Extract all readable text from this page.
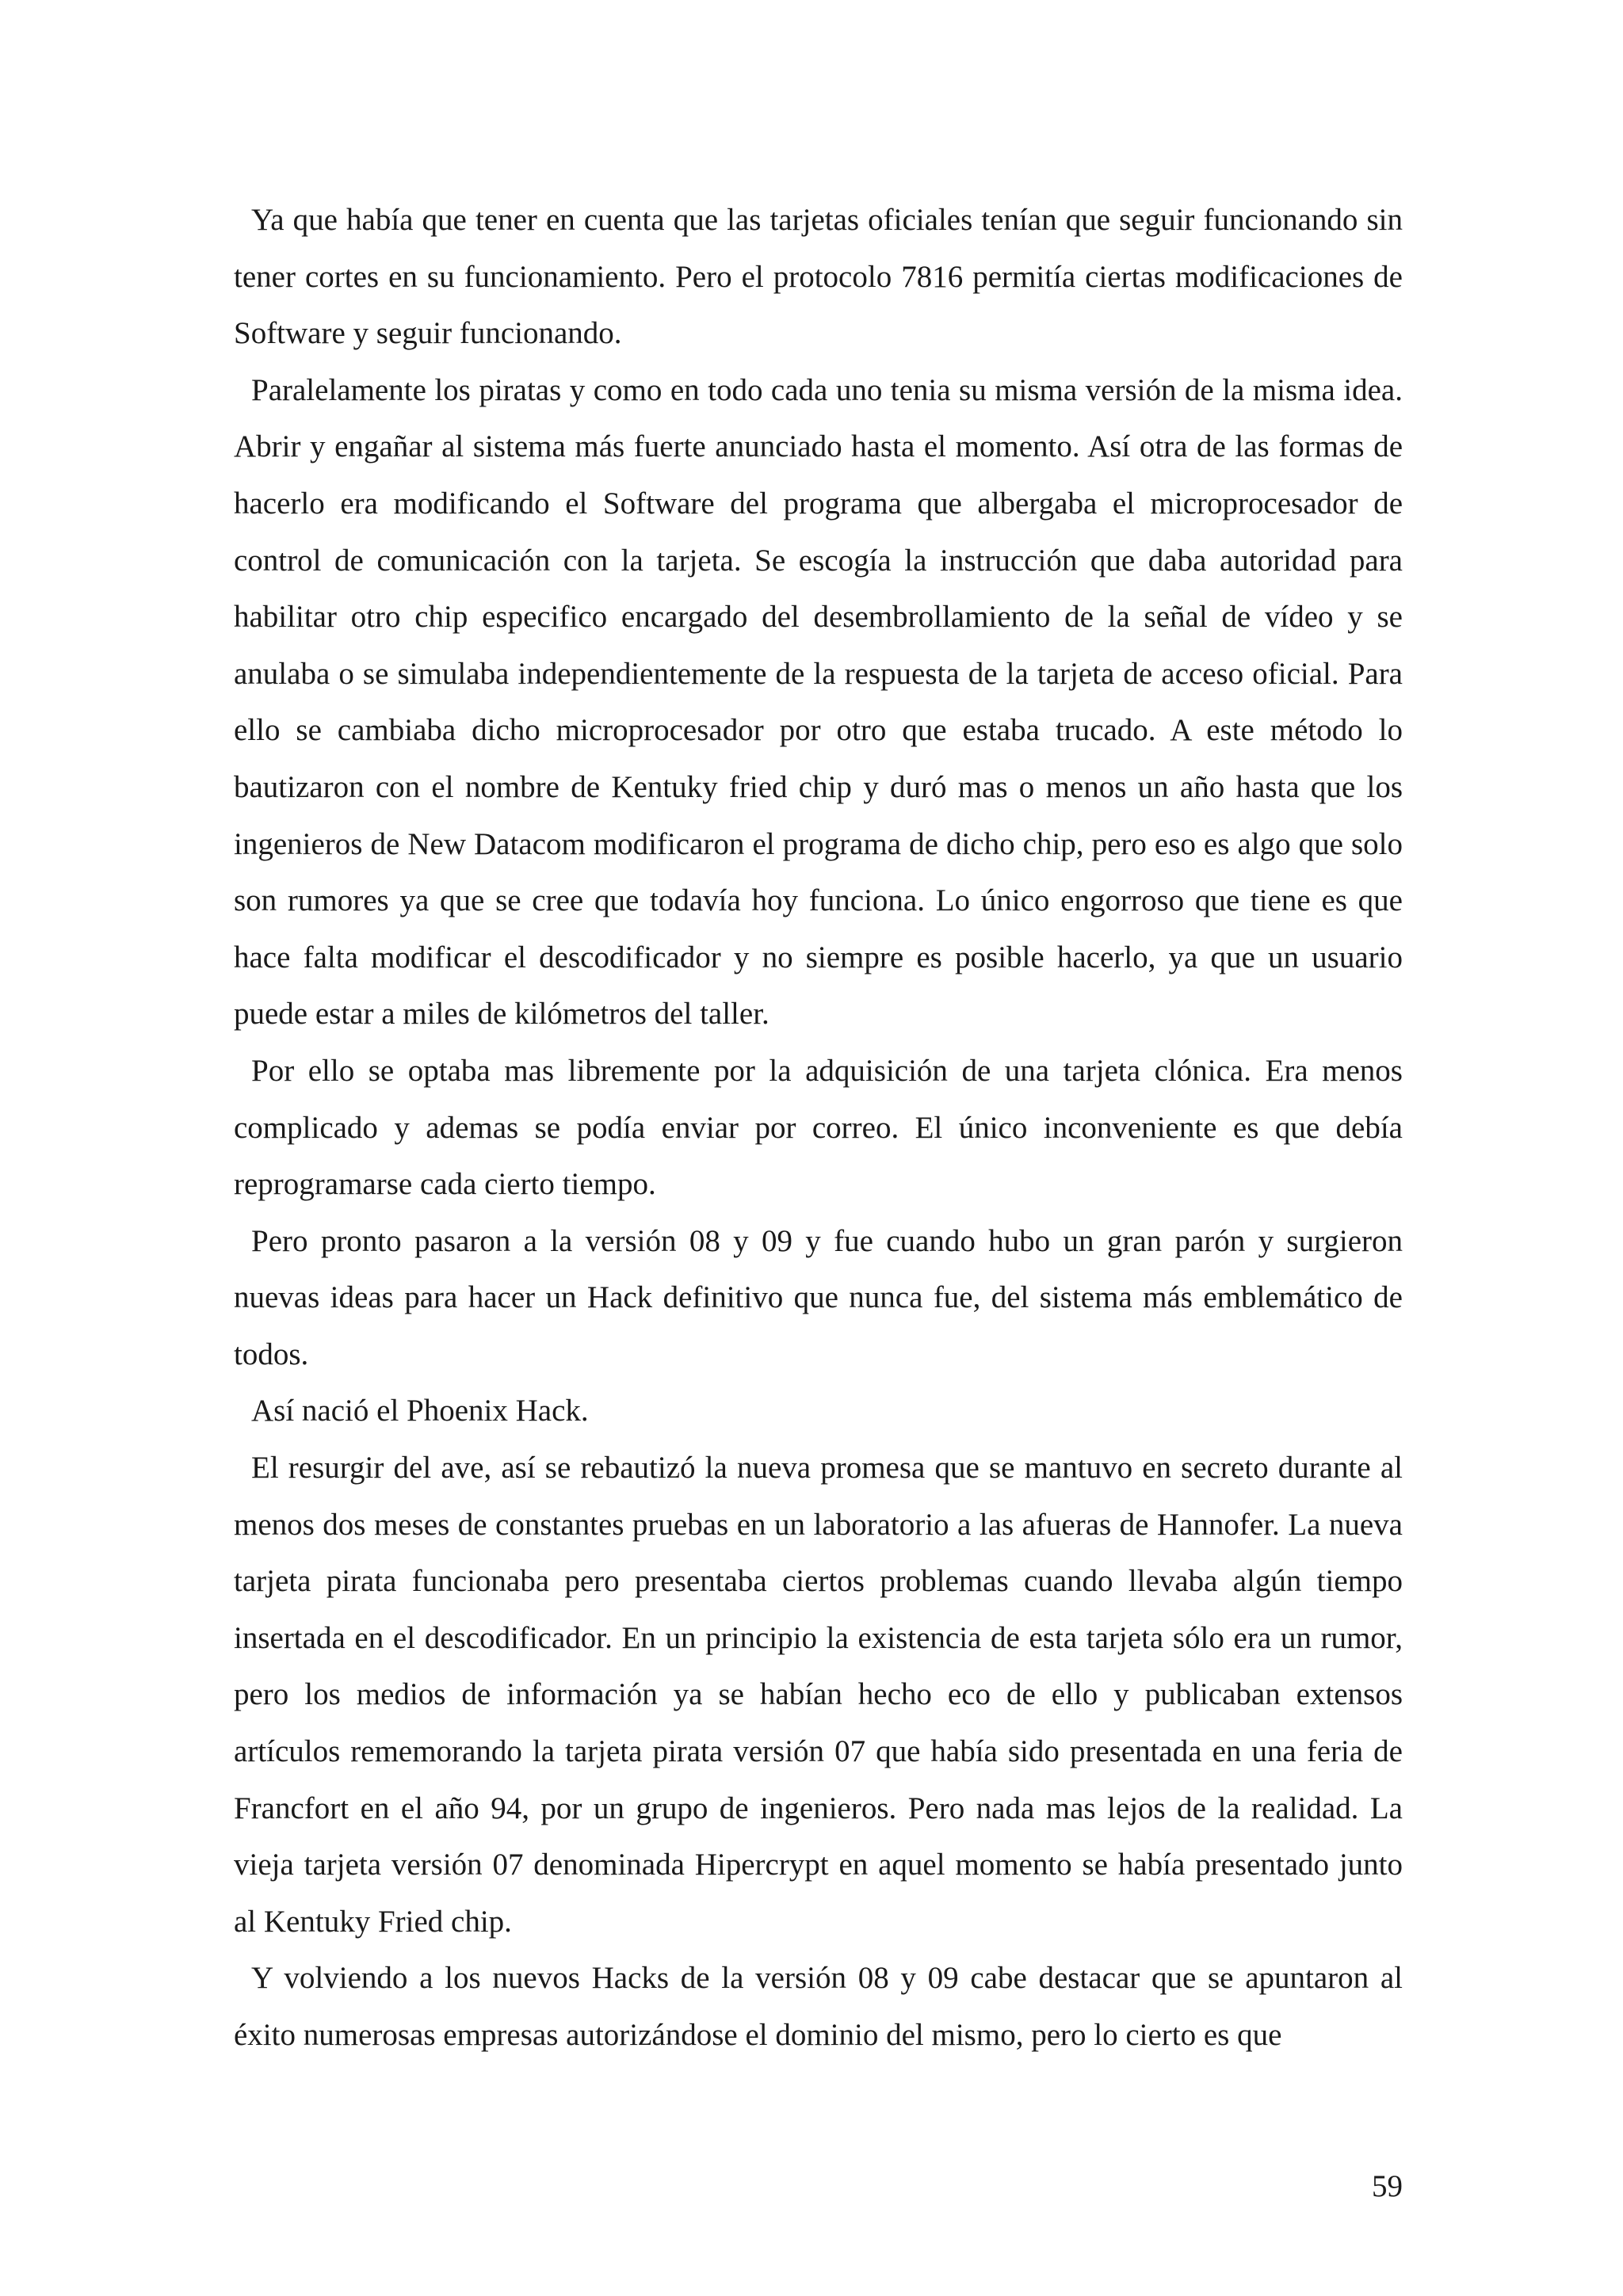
Ya que había que tener en cuenta que las tarjetas oficiales tenían que seguir funcionando sin tener cortes en su funcionamiento. Pero el protocolo 7816 permitía ciertas modificaciones de Software y seguir funcionando.

Paralelamente los piratas y como en todo cada uno tenia su misma versión de la misma idea. Abrir y engañar al sistema más fuerte anunciado hasta el momento. Así otra de las formas de hacerlo era modificando el Software del programa que albergaba el microprocesador de control de comunicación con la tarjeta. Se escogía la instrucción que daba autoridad para habilitar otro chip especifico encargado del desembrollamiento de la señal de vídeo y se anulaba o se simulaba independientemente de la respuesta de la tarjeta de acceso oficial. Para ello se cambiaba dicho microprocesador por otro que estaba trucado. A este método lo bautizaron con el nombre de Kentuky fried chip y duró mas o menos un año hasta que los ingenieros de New Datacom modificaron el programa de dicho chip, pero eso es algo que solo son rumores ya que se cree que todavía hoy funciona. Lo único engorroso que tiene es que hace falta modificar el descodificador y no siempre es posible hacerlo, ya que un usuario puede estar a miles de kilómetros del taller.

Por ello se optaba mas libremente por la adquisición de una tarjeta clónica. Era menos complicado y ademas se podía enviar por correo. El único inconveniente es que debía reprogramarse cada cierto tiempo.

Pero pronto pasaron a la versión 08 y 09 y fue cuando hubo un gran parón y surgieron nuevas ideas para hacer un Hack definitivo que nunca fue, del sistema más emblemático de todos.

Así nació el Phoenix Hack.

El resurgir del ave, así se rebautizó la nueva promesa que se mantuvo en secreto durante al menos dos meses de constantes pruebas en un laboratorio a las afueras de Hannofer. La nueva tarjeta pirata funcionaba pero presentaba ciertos problemas cuando llevaba algún tiempo insertada en el descodificador. En un principio la existencia de esta tarjeta sólo era un rumor, pero los medios de información ya se habían hecho eco de ello y publicaban extensos artículos rememorando la tarjeta pirata versión 07 que había sido presentada en una feria de Francfort en el año 94, por un grupo de ingenieros. Pero nada mas lejos de la realidad. La vieja tarjeta versión 07 denominada Hipercrypt en aquel momento se había presentado junto al Kentuky Fried chip.

Y volviendo a los nuevos Hacks de la versión 08 y 09 cabe destacar que se apuntaron al éxito numerosas empresas autorizándose el dominio del mismo, pero lo cierto es que

59
